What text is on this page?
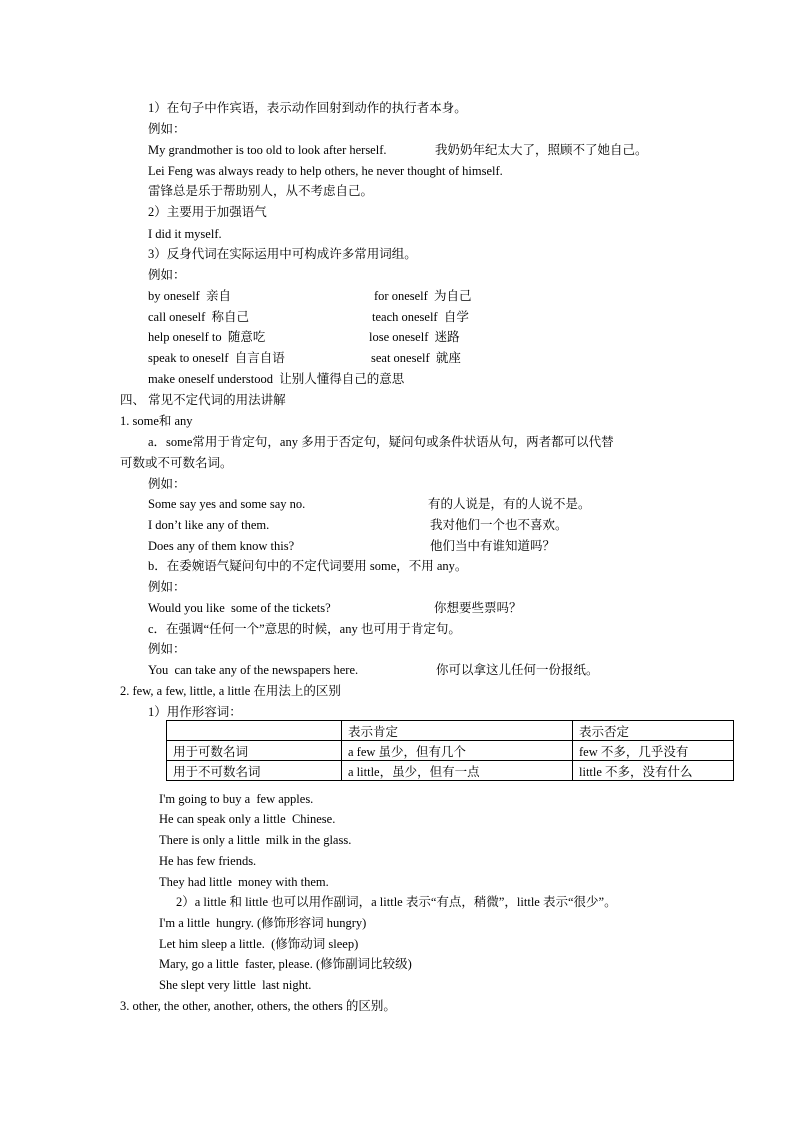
1）在句子中作宾语，表示动作回射到动作的执行者本身。
例如：
My grandmother is too old to look after herself.	我奶奶年纪太大了，照顾不了她自己。
Lei Feng was always ready to help others, he never thought of himself.
雷锋总是乐于帮助别人，从不考虑自己。
2）主要用于加强语气
I did it myself.
3）反身代词在实际运用中可构成许多常用词组。
例如：
by oneself  亲自	for oneself  为自己
call oneself  称自己	teach oneself  自学
help oneself to  随意吃	lose oneself  迷路
speak to oneself  自言自语	seat oneself  就座
make oneself understood  让别人懂得自己的意思
四、 常见不定代词的用法讲解
1. some和 any
a．some常用于肯定句，any 多用于否定句，疑问句或条件状语从句，两者都可以代替
可数或不可数名词。
例如：
Some say yes and some say no.	有的人说是，有的人说不是。
I don’t like any of them.	我对他们一个也不喜欢。
Does any of them know this?	他们当中有谁知道吗？
b．在委婉语气疑问句中的不定代词要用 some，不用 any。
例如：
Would you like  some of the tickets?	你想要些票吗？
c．在强调“任何一个”意思的时候，any 也可用于肯定句。
例如：
You  can take any of the newspapers here.	你可以拿这儿任何一份报纸。
2. few, a few, little, a little 在用法上的区别
1）用作形容词：
	表示肯定	表示否定
用于可数名词	a few 虽少，但有几个	few 不多，几乎没有
用于不可数名词	a little，虽少，但有一点	little 不多，没有什么
I'm going to buy a  few apples.
He can speak only a little  Chinese.
There is only a little  milk in the glass.
He has few friends.
They had little  money with them.
2）a little 和 little 也可以用作副词，a little 表示“有点，稍微”，little 表示“很少”。
I'm a little  hungry. (修饰形容词 hungry)
Let him sleep a little.  (修饰动词 sleep)
Mary, go a little  faster, please. (修饰副词比较级)
She slept very little  last night.
3. other, the other, another, others, the others 的区别。
